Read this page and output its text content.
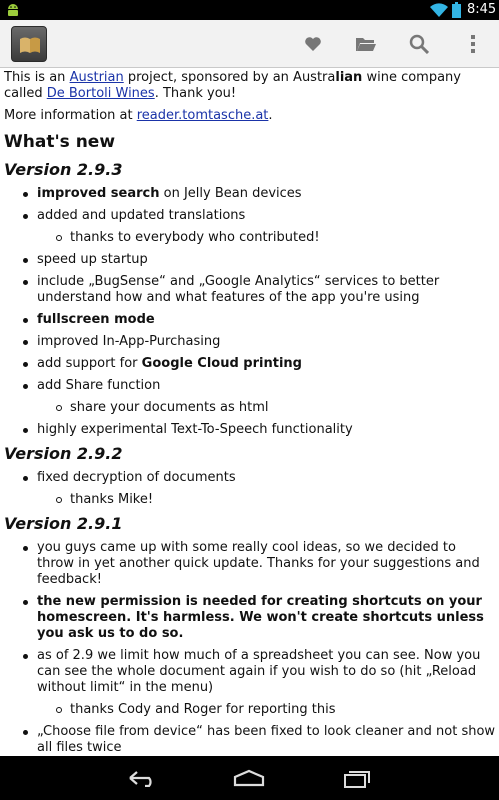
8:45

This is an Austrian project, sponsored by an Australian wine company called De Bortoli Wines. Thank you!

More information at reader.tomtasche.at.

What's new
Version 2.9.3
improved search on Jelly Bean devices
added and updated translations
thanks to everybody who contributed!
speed up startup
include „BugSense“ and „Google Analytics“ services to better understand how and what features of the app you're using
fullscreen mode
improved In-App-Purchasing
add support for Google Cloud printing
add Share function
share your documents as html
highly experimental Text-To-Speech functionality
Version 2.9.2
fixed decryption of documents
thanks Mike!
Version 2.9.1
you guys came up with some really cool ideas, so we decided to throw in yet another quick update. Thanks for your suggestions and feedback!
the new permission is needed for creating shortcuts on your homescreen. It's harmless. We won't create shortcuts unless you ask us to do so.
as of 2.9 we limit how much of a spreadsheet you can see. Now you can see the whole document again if you wish to do so (hit „Reload without limit“ in the menu)
thanks Cody and Roger for reporting this
„Choose file from device“ has been fixed to look cleaner and not show all files twice
